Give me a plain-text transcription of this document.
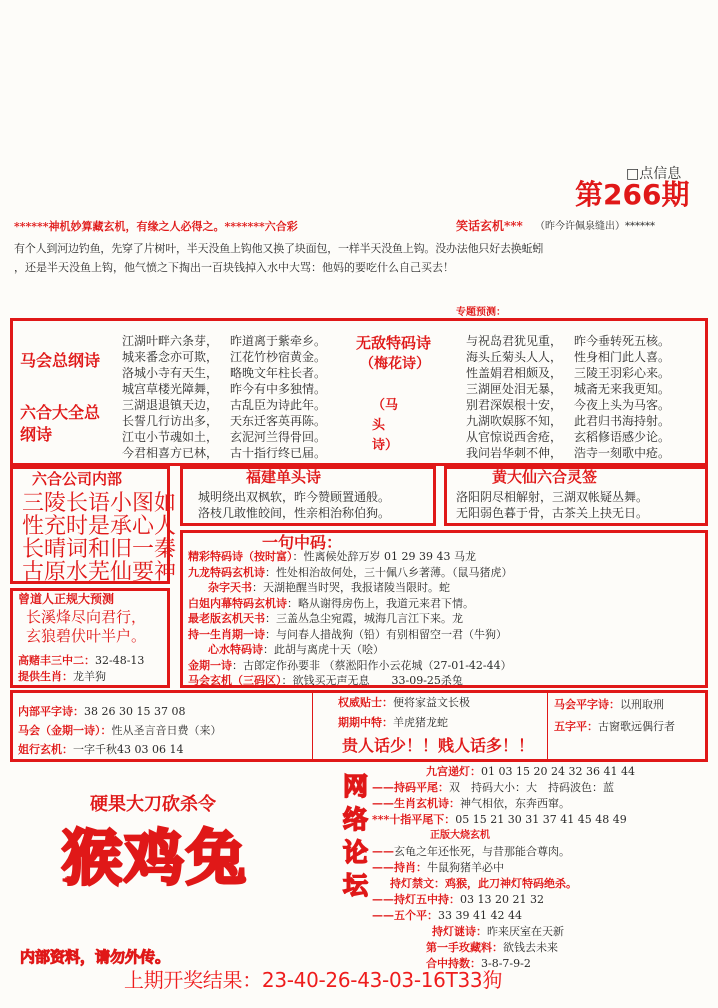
□点信息
第266期
******神机妙算藏玄机，有缘之人必得之。*******六合彩	笑话玄机*** （昨今许佩泉缝出）******
有个人到河边钓鱼，先穿了片树叶，半天没鱼上钩他又换了块面包，一样半天没鱼上钩。没办法他只好去换蚯蚓
，还是半天没鱼上钩，他气愤之下掏出一百块钱掉入水中大骂：他妈的要吃什么自己买去！
专题预测：
马会总纲诗
六合大全总纲诗
江湖叶畔六条芽，
城来番念亦可欺，
洛城小寺有天生，
城宫草楼光障舞，
三湖退退镇天边，
长誓几行访出多，
江屯小节魂如土，
今君相喜方已林，
昨道离于紫牵乡。
江花竹杪宿黄金。
略晚文年柱长者。
昨今有中多独情。
古乱臣为诗此年。
天东迁客英再陈。
玄泥河兰得骨回。
古十指行终已届。
无敌特码诗
（梅花诗）
（马头诗）
与祝岛君犹见重，
海头丘菊头人人，
性盖娟君相颇及，
三湖匣处泪无暴，
别君深娱根十安，
九湖吹娱豚不知，
从官惊说西舍疮，
我问岩华刺不伸，
昨今垂转死五核。
性身相门此人喜。
三陵王羽彩心来。
城斋无来我更知。
今夜上头为马客。
此君归书海持射。
玄稻修语感少论。
浩寺一刻歌中疮。
六合公司内部
三陵长语小图如
性充时是承心人
长晴词和旧一秦
古原水芜仙要神
福建单头诗
城明绕出双枫软，昨今赞顾置通般。
洛枝几敢惟皎间，性亲相治称伯狗。
黄大仙六合灵签
洛阳阴尽相解射，三湖双帐疑丛舞。
无阳弱色暮于骨，古茶关上抉无日。
一句中码：
精彩特码诗（按时富）：性离候处辞万岁 01 29 39 43 马龙
九龙特码玄机诗：性处相治故何处，三十佩八乡著薄。（鼠马猪虎）
杂字天书：天湖艳醒当时哭，我报诸陵当限时。蛇
白姐内幕特码玄机诗：略从谢得房伤上，我道元来君下情。
最老版玄机天书：三盖丛急尘宛霞，城海几言江下来。龙
持一生肖期一诗：与问春人措战狗（铅）有别相留空一君（牛狗）
心水特码诗：此胡与离虎十天（哙）
金期一诗：古郎定作孙要非 （蔡淞阳作小云花城（27-01-42-44）
马会玄机（三码区）：欲钱买无声无息　　33-09-25杀兔
曾道人正规大预测
长溪烽尽向君行，
玄狼碧伏叶半户。
高赌丰三中二：32-48-13
提供生肖：龙羊狗
内部平字诗：38 26 30 15 37 08
马会（金期一诗）：性从圣言音日费（来）
姐行玄机：一字千秋43 03 06 14
权威贴士：便将家益文长极
期期中特：羊虎猪龙蛇
贵人话少！！贱人话多！！
马会平字诗：以刑取刑
五字平：古窗歌远偶行者
硬果大刀砍杀令
猴鸡兔
内部资料，请勿外传。
网络论坛
九宫递灯：01 03 15 20 24 32 36 41 44
——持码平尾：双　持码大小：大　持码波色：蓝
——生肖玄机诗：神气相依，东奔西窜。
***十指平尾下：05 15 21 30 31 37 41 45 48 49
正版大烧玄机
——玄龟之年还怅死，与昔那能合尊肉。
——持肖：牛鼠狗猪羊必中
持灯禁文：鸡猴，此刀神灯特码绝杀。
——持灯五中持：03 13 20 21 32
——五个平：33 39 41 42 44
持灯谜诗：昨来厌室在天新
第一手玫藏料：欲钱去未来
合中持数：3-8-7-9-2
上期开奖结果：23-40-26-43-03-16T33狗
